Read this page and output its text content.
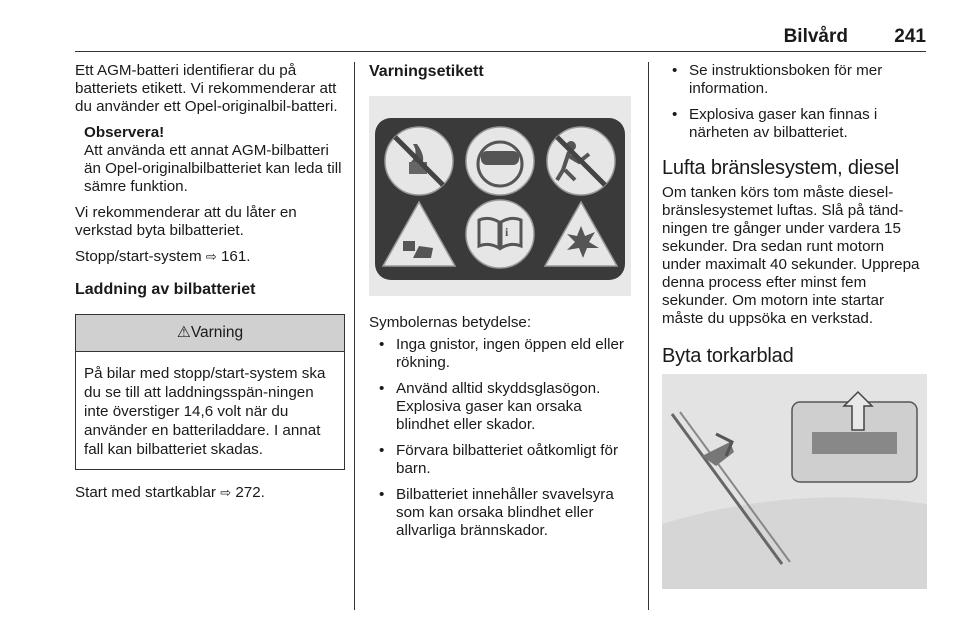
Bilvård 241

Ett AGM-batteri identifierar du på batteriets etikett. Vi rekommenderar att du använder ett Opel-originalbil-batteri.

Observera!
Att använda ett annat AGM-bilbatteri än Opel-originalbilbatteriet kan leda till sämre funktion.

Vi rekommenderar att du låter en verkstad byta bilbatteriet.

Stopp/start-system ⇨ 161.

Laddning av bilbatteriet
⚠Varning
På bilar med stopp/start-system ska du se till att laddningsspän-ningen inte överstiger 14,6 volt när du använder en batteriladdare. I annat fall kan bilbatteriet skadas.

Start med startkablar ⇨ 272.

Varningsetikett
i

Symbolernas betydelse:

• Inga gnistor, ingen öppen eld eller rökning.
• Använd alltid skyddsglasögon. Explosiva gaser kan orsaka blindhet eller skador.
• Förvara bilbatteriet oåtkomligt för barn.
• Bilbatteriet innehåller svavelsyra som kan orsaka blindhet eller allvarliga brännskador.
• Se instruktionsboken för mer information.
• Explosiva gaser kan finnas i närheten av bilbatteriet.
Lufta bränslesystem, diesel

Om tanken körs tom måste diesel-bränslesystemet luftas. Slå på tänd-ningen tre gånger under vardera 15 sekunder. Dra sedan runt motorn under maximalt 40 sekunder. Upprepa denna process efter minst fem sekunder. Om motorn inte startar måste du uppsöka en verkstad.

Byta torkarblad
